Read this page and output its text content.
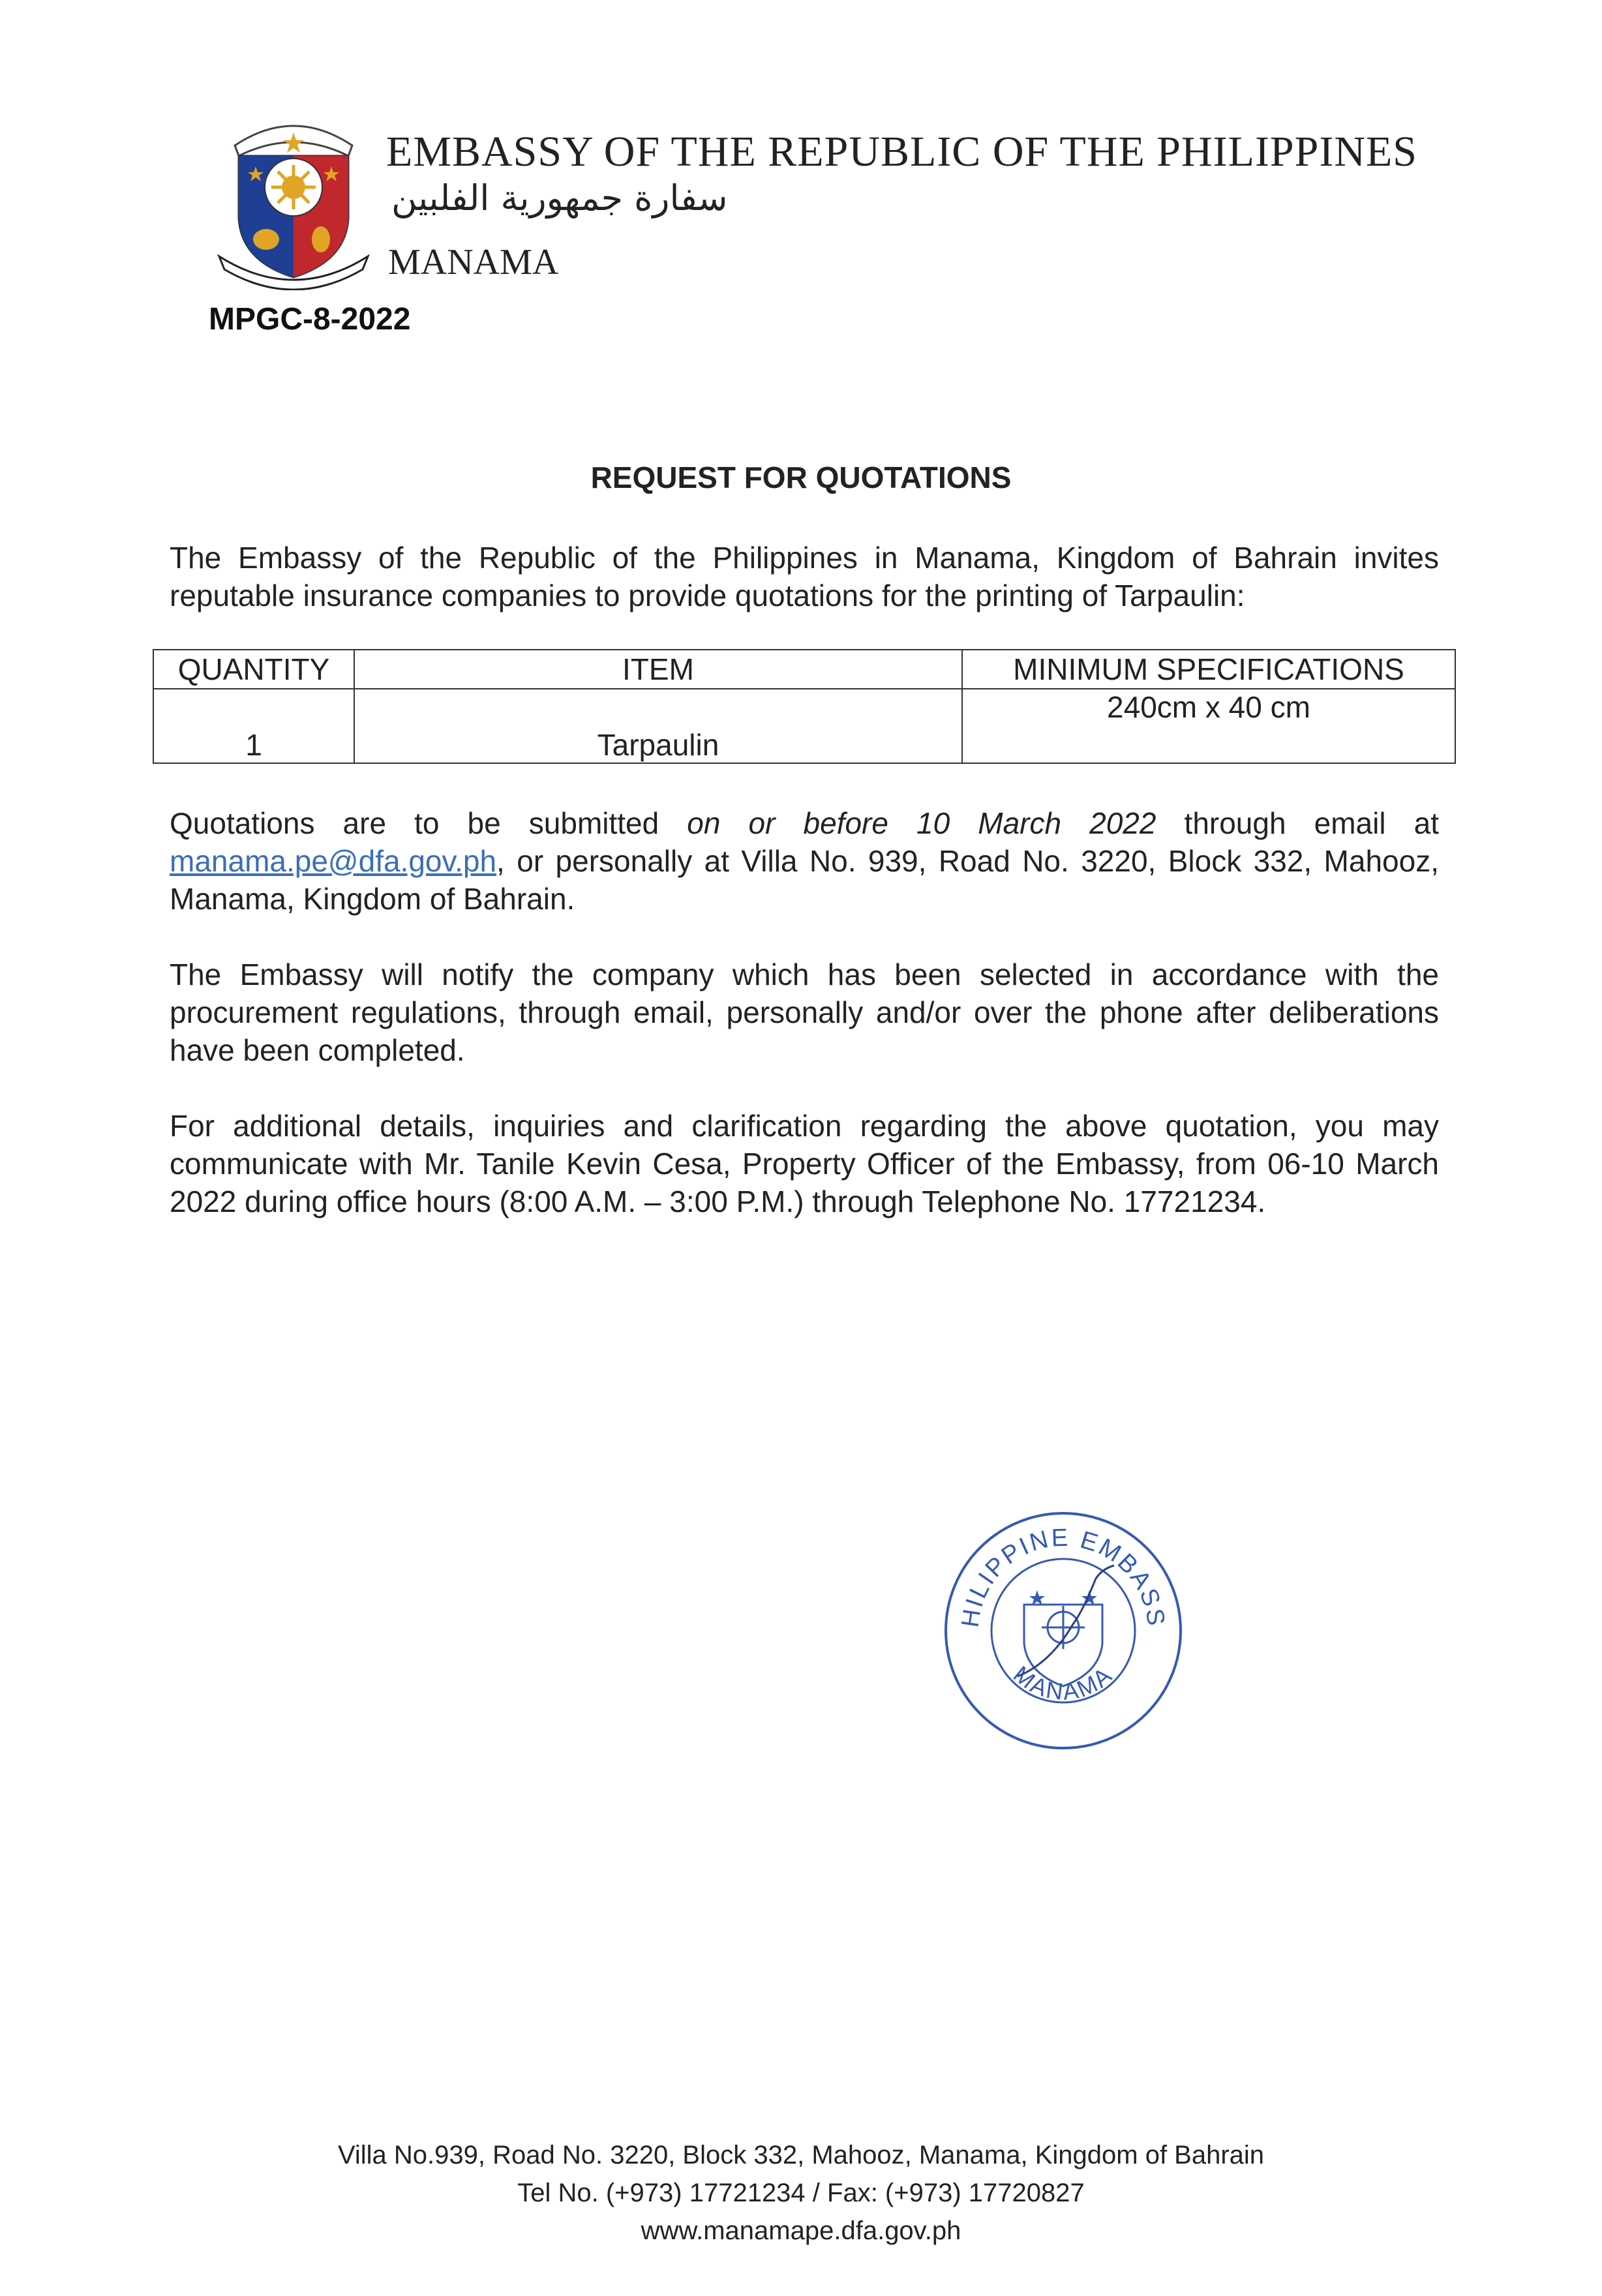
EMBASSY OF THE REPUBLIC OF THE PHILIPPINES
سفارة جمهورية الفلبين
MANAMA
MPGC-8-2022
REQUEST FOR QUOTATIONS
The Embassy of the Republic of the Philippines in Manama, Kingdom of Bahrain invites reputable insurance companies to provide quotations for the printing of Tarpaulin:
QUANTITY	ITEM	MINIMUM SPECIFICATIONS
1	Tarpaulin	240cm x 40 cm
Quotations are to be submitted on or before 10 March 2022 through email at manama.pe@dfa.gov.ph, or personally at Villa No. 939, Road No. 3220, Block 332, Mahooz, Manama, Kingdom of Bahrain.
The Embassy will notify the company which has been selected in accordance with the procurement regulations, through email, personally and/or over the phone after deliberations have been completed.
For additional details, inquiries and clarification regarding the above quotation, you may communicate with Mr. Tanile Kevin Cesa, Property Officer of the Embassy, from 06-10 March 2022 during office hours (8:00 A.M. – 3:00 P.M.) through Telephone No. 17721234.
HILIPPINE EMBASS
MANAMA
Villa No.939, Road No. 3220, Block 332, Mahooz, Manama, Kingdom of Bahrain
Tel No. (+973) 17721234 / Fax: (+973) 17720827
www.manamape.dfa.gov.ph
